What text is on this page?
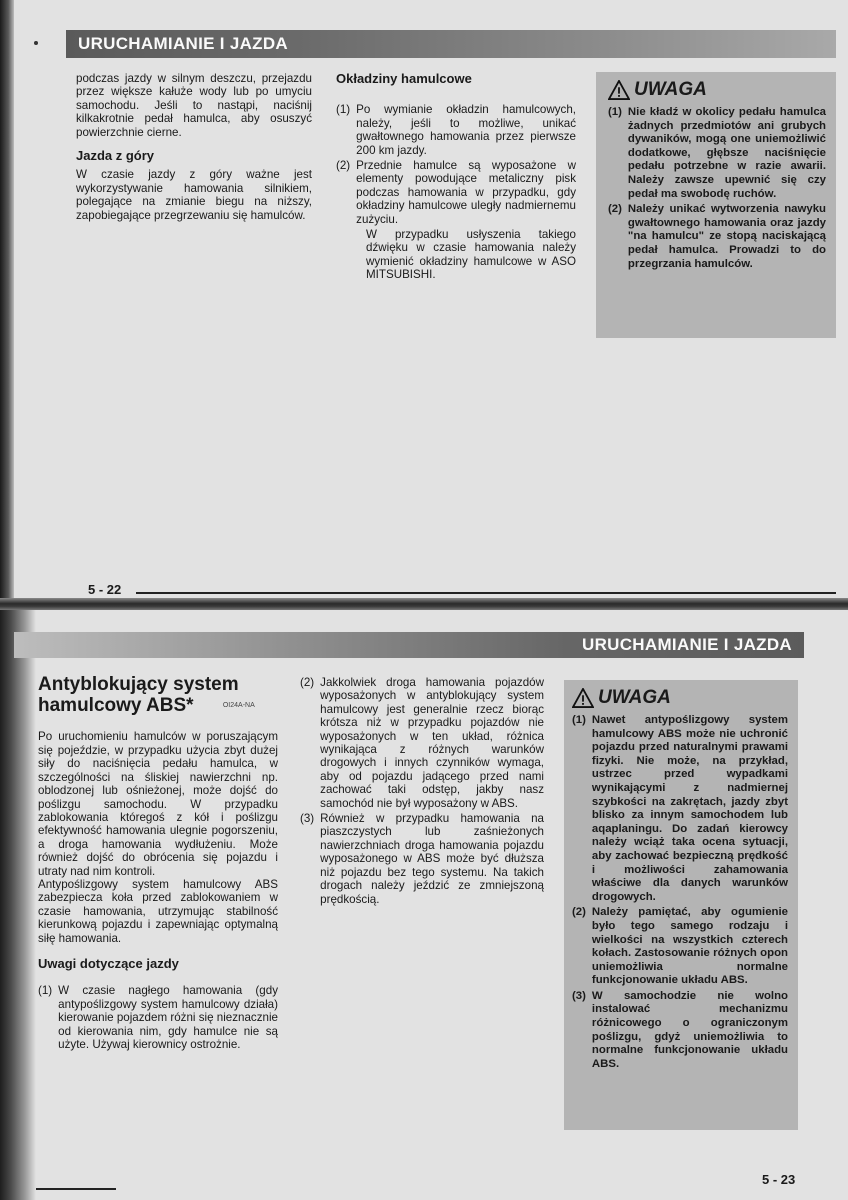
URUCHAMIANIE I JAZDA

podczas jazdy w silnym deszczu, przejazdu przez większe kałuże wody lub po umyciu samochodu. Jeśli to nastąpi, naciśnij kilkakrotnie pedał hamulca, aby osuszyć powierzchnie cierne.

Jazda z góry

W czasie jazdy z góry ważne jest wykorzystywanie hamowania silnikiem, polegające na zmianie biegu na niższy, zapobiegające przegrzewaniu się hamulców.

Okładziny hamulcowe
(1) Po wymianie okładzin hamulcowych, należy, jeśli to możliwe, unikać gwałtownego hamowania przez pierwsze 200 km jazdy.
(2) Przednie hamulce są wyposażone w elementy powodujące metaliczny pisk podczas hamowania w przypadku, gdy okładziny hamulcowe uległy nadmiernemu zużyciu.

W przypadku usłyszenia takiego dźwięku w czasie hamowania należy wymienić okładziny hamulcowe w ASO MITSUBISHI.

UWAGA
(1) Nie kładź w okolicy pedału hamulca żadnych przedmiotów ani grubych dywaników, mogą one uniemożliwić dodatkowe, głębsze naciśnięcie pedału potrzebne w razie awarii. Należy zawsze upewnić się czy pedał ma swobodę ruchów.
(2) Należy unikać wytworzenia nawyku gwałtownego hamowania oraz jazdy "na hamulcu" ze stopą naciskającą pedał hamulca. Prowadzi to do przegrzania hamulców.
5 - 22
URUCHAMIANIE I JAZDA
Antyblokujący system
hamulcowy ABS*	OI24A-NA

Po uruchomieniu hamulców w poruszającym się pojeździe, w przypadku użycia zbyt dużej siły do naciśnięcia pedału hamulca, w szczególności na śliskiej nawierzchni np. oblodzonej lub ośnieżonej, może dojść do poślizgu samochodu. W przypadku zablokowania któregoś z kół i poślizgu efektywność hamowania ulegnie pogorszeniu, a droga hamowania wydłużeniu. Może również dojść do obrócenia się pojazdu i utraty nad nim kontroli.

Antypoślizgowy system hamulcowy ABS zabezpiecza koła przed zablokowaniem w czasie hamowania, utrzymując stabilność kierunkową pojazdu i zapewniając optymalną siłę hamowania.

Uwagi dotyczące jazdy
(1) W czasie nagłego hamowania (gdy antypoślizgowy system hamulcowy działa) kierowanie pojazdem różni się nieznacznie od kierowania nim, gdy hamulce nie są użyte. Używaj kierownicy ostrożnie.
(2) Jakkolwiek droga hamowania pojazdów wyposażonych w antyblokujący system hamulcowy jest generalnie rzecz biorąc krótsza niż w przypadku pojazdów nie wyposażonych w ten układ, różnica wynikająca z różnych warunków drogowych i innych czynników wymaga, aby od pojazdu jadącego przed nami zachować taki odstęp, jakby nasz samochód nie był wyposażony w ABS.
(3) Również w przypadku hamowania na piaszczystych lub zaśnieżonych nawierzchniach droga hamowania pojazdu wyposażonego w ABS może być dłuższa niż pojazdu bez tego systemu. Na takich drogach należy jeździć ze zmniejszoną prędkością.
UWAGA
(1) Nawet antypoślizgowy system hamulcowy ABS może nie uchronić pojazdu przed naturalnymi prawami fizyki. Nie może, na przykład, ustrzec przed wypadkami wynikającymi z nadmiernej szybkości na zakrętach, jazdy zbyt blisko za innym samochodem lub aqaplaningu. Do zadań kierowcy należy wciąż taka ocena sytuacji, aby zachować bezpieczną prędkość i możliwości zahamowania właściwe dla danych warunków drogowych.
(2) Należy pamiętać, aby ogumienie było tego samego rodzaju i wielkości na wszystkich czterech kołach. Zastosowanie różnych opon uniemożliwia normalne funkcjonowanie układu ABS.
(3) W samochodzie nie wolno instalować mechanizmu różnicowego o ograniczonym poślizgu, gdyż uniemożliwia to normalne funkcjonowanie układu ABS.
5 - 23
